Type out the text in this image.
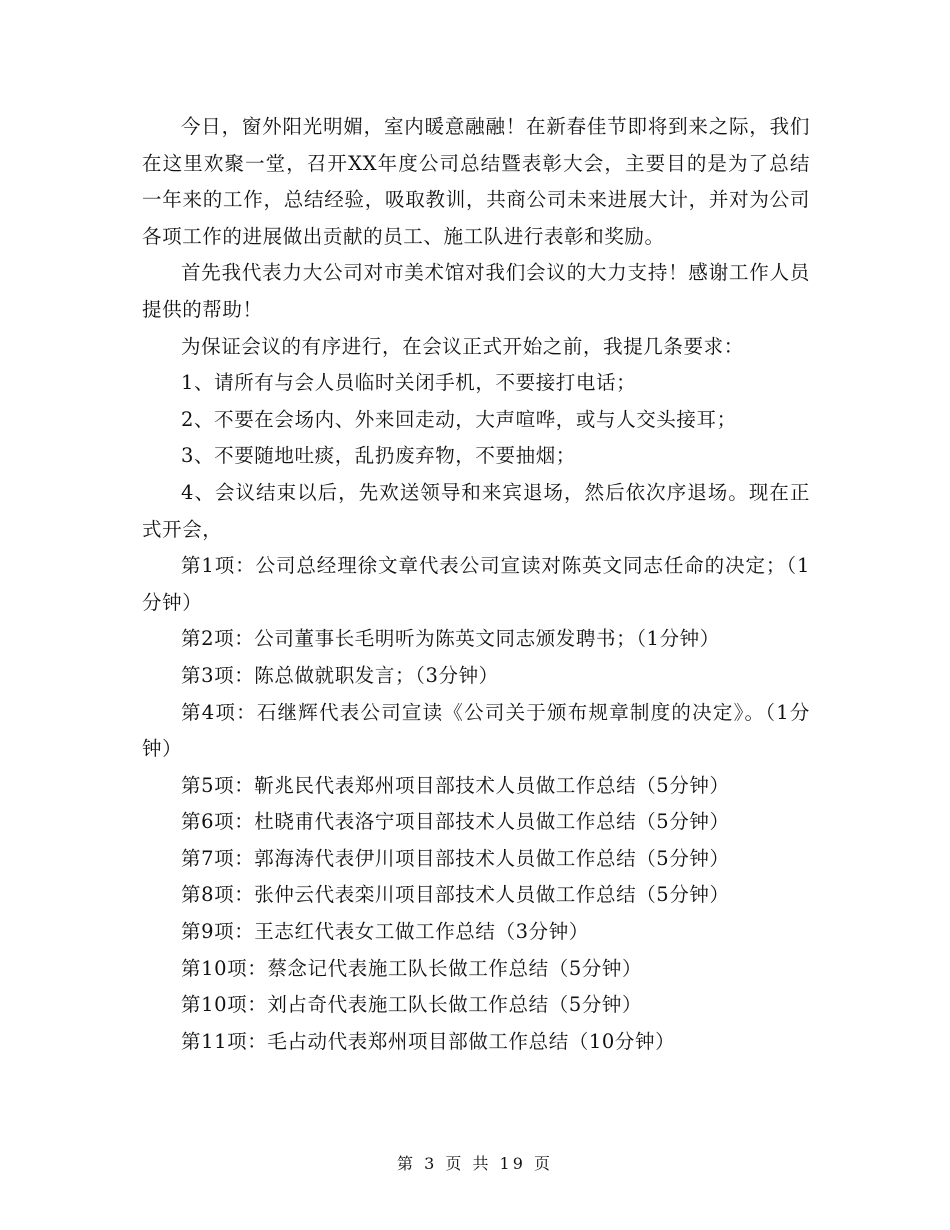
今日，窗外阳光明媚，室内暖意融融！在新春佳节即将到来之际，我们在这里欢聚一堂，召开XX年度公司总结暨表彰大会，主要目的是为了总结一年来的工作，总结经验，吸取教训，共商公司未来进展大计，并对为公司各项工作的进展做出贡献的员工、施工队进行表彰和奖励。

首先我代表力大公司对市美术馆对我们会议的大力支持！感谢工作人员提供的帮助！

为保证会议的有序进行，在会议正式开始之前，我提几条要求：

1、请所有与会人员临时关闭手机，不要接打电话；

2、不要在会场内、外来回走动，大声喧哗，或与人交头接耳；

3、不要随地吐痰，乱扔废弃物，不要抽烟；

4、会议结束以后，先欢送领导和来宾退场，然后依次序退场。现在正式开会，

第1项：公司总经理徐文章代表公司宣读对陈英文同志任命的决定；（1分钟）

第2项：公司董事长毛明听为陈英文同志颁发聘书；（1分钟）

第3项：陈总做就职发言；（3分钟）

第4项：石继辉代表公司宣读《公司关于颁布规章制度的决定》。（1分钟）

第5项：靳兆民代表郑州项目部技术人员做工作总结（5分钟）

第6项：杜晓甫代表洛宁项目部技术人员做工作总结（5分钟）

第7项：郭海涛代表伊川项目部技术人员做工作总结（5分钟）

第8项：张仲云代表栾川项目部技术人员做工作总结（5分钟）

第9项：王志红代表女工做工作总结（3分钟）

第10项：蔡念记代表施工队长做工作总结（5分钟）

第10项：刘占奇代表施工队长做工作总结（5分钟）

第11项：毛占动代表郑州项目部做工作总结（10分钟）

第 3 页 共 19 页
